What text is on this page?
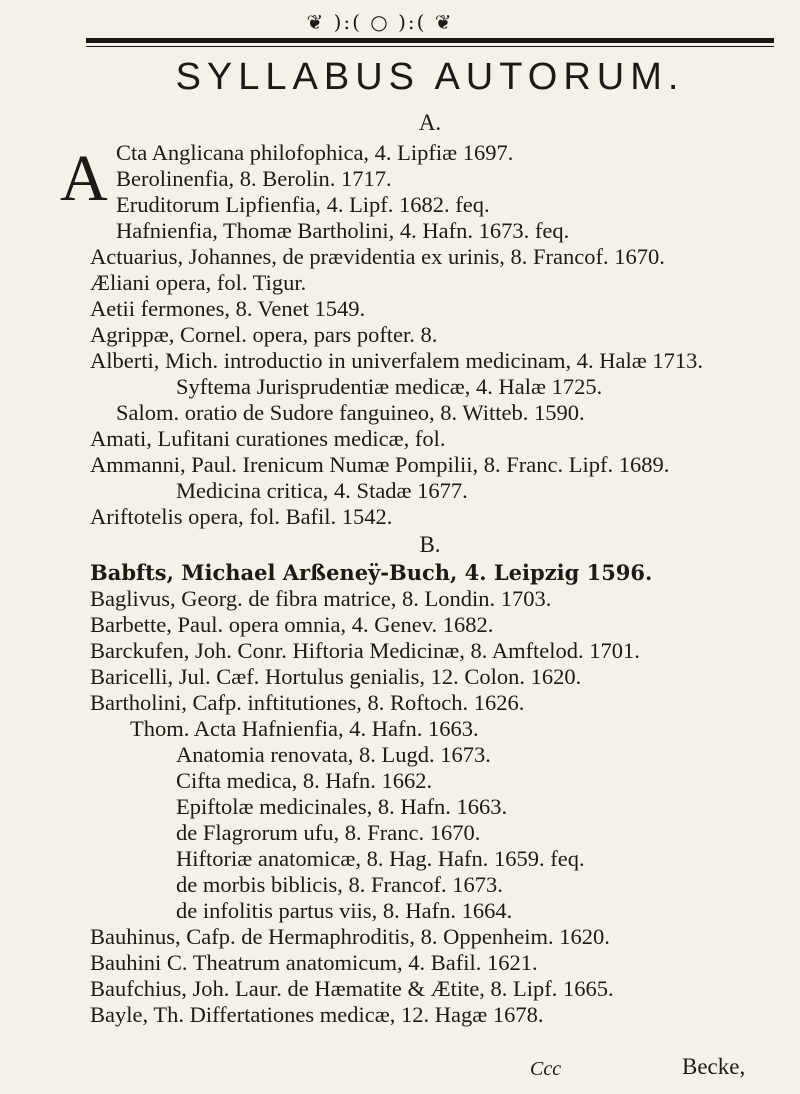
❦ ):( ○ ):( ❦
SYLLABUS AUTORUM.
A.
A Cta Anglicana philofophica, 4. Lipfiæ 1697.
Berolinenfia, 8. Berolin. 1717.
Eruditorum Lipfienfia, 4. Lipf. 1682. feq.
Hafnienfia, Thomæ Bartholini, 4. Hafn. 1673. feq.
Actuarius, Johannes, de prævidentia ex urinis, 8. Francof. 1670.
Æliani opera, fol. Tigur.
Aetii fermones, 8. Venet 1549.
Agrippæ, Cornel. opera, pars pofter. 8.
Alberti, Mich. introductio in univerfalem medicinam, 4. Halæ 1713.
Syftema Jurisprudentiæ medicæ, 4. Halæ 1725.
Salom. oratio de Sudore fanguineo, 8. Witteb. 1590.
Amati, Lufitani curationes medicæ, fol.
Ammanni, Paul. Irenicum Numæ Pompilii, 8. Franc. Lipf. 1689.
Medicina critica, 4. Stadæ 1677.
Ariftotelis opera, fol. Bafil. 1542.
B.
Babfts, Michael Arßeneÿ-Buch, 4. Leipzig 1596.
Baglivus, Georg. de fibra matrice, 8. Londin. 1703.
Barbette, Paul. opera omnia, 4. Genev. 1682.
Barckufen, Joh. Conr. Hiftoria Medicinæ, 8. Amftelod. 1701.
Baricelli, Jul. Cæf. Hortulus genialis, 12. Colon. 1620.
Bartholini, Cafp. inftitutiones, 8. Roftoch. 1626.
Thom. Acta Hafnienfia, 4. Hafn. 1663.
Anatomia renovata, 8. Lugd. 1673.
Cifta medica, 8. Hafn. 1662.
Epiftolæ medicinales, 8. Hafn. 1663.
de Flagrorum ufu, 8. Franc. 1670.
Hiftoriæ anatomicæ, 8. Hag. Hafn. 1659. feq.
de morbis biblicis, 8. Francof. 1673.
de infolitis partus viis, 8. Hafn. 1664.
Bauhinus, Cafp. de Hermaphroditis, 8. Oppenheim. 1620.
Bauhini C. Theatrum anatomicum, 4. Bafil. 1621.
Baufchius, Joh. Laur. de Hæmatite & Ætite, 8. Lipf. 1665.
Bayle, Th. Differtationes medicæ, 12. Hagæ 1678.
Ccc	Becke,
